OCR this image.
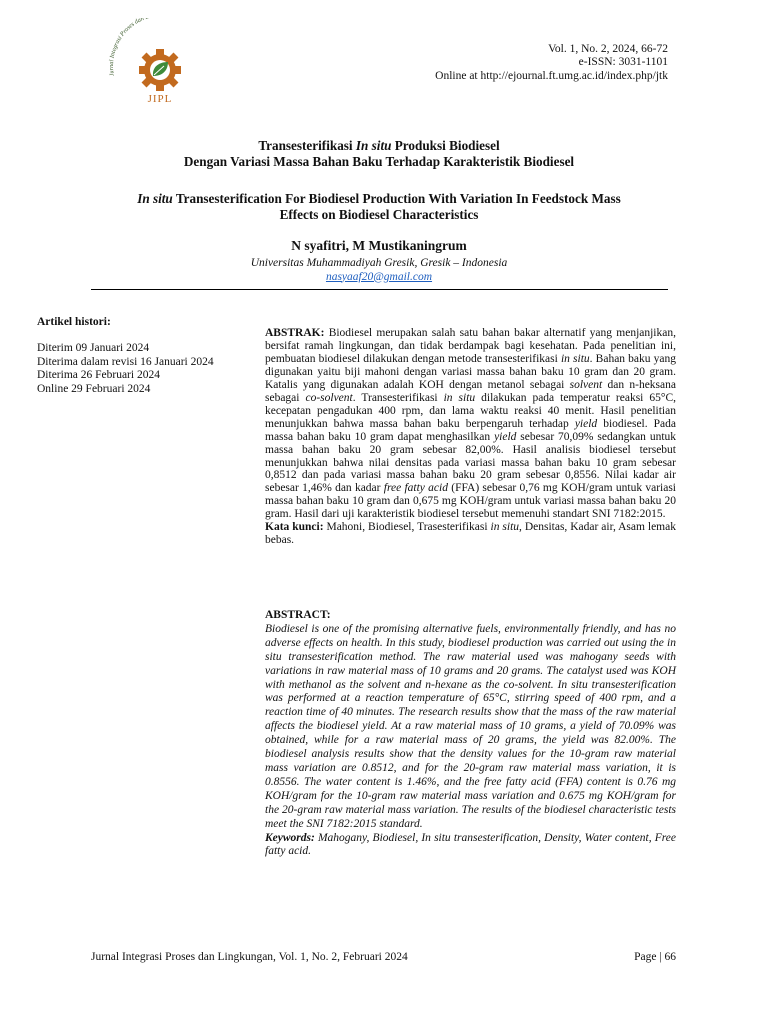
Jurnal Integrasi Proses dan
JIPL
Vol. 1, No. 2, 2024, 66-72
e-ISSN: 3031-1101
Online at http://ejournal.ft.umg.ac.id/index.php/jtk
Transesterifikasi In situ Produksi Biodiesel
Dengan Variasi Massa Bahan Baku Terhadap Karakteristik Biodiesel
In situ Transesterification For Biodiesel Production With Variation In Feedstock Mass
Effects on Biodiesel Characteristics
N syafitri, M Mustikaningrum
Universitas Muhammadiyah Gresik, Gresik – Indonesia
nasyaaf20@gmail.com
Artikel histori:
Diterim 09 Januari 2024
Diterima dalam revisi 16 Januari 2024
Diterima 26 Februari 2024
Online 29 Februari 2024

ABSTRAK: Biodiesel merupakan salah satu bahan bakar alternatif yang menjanjikan, bersifat ramah lingkungan, dan tidak berdampak bagi kesehatan. Pada penelitian ini, pembuatan biodiesel dilakukan dengan metode transesterifikasi in situ. Bahan baku yang digunakan yaitu biji mahoni dengan variasi massa bahan baku 10 gram dan 20 gram. Katalis yang digunakan adalah KOH dengan metanol sebagai solvent dan n-heksana sebagai co-solvent. Transesterifikasi in situ dilakukan pada temperatur reaksi 65°C, kecepatan pengadukan 400 rpm, dan lama waktu reaksi 40 menit. Hasil penelitian menunjukkan bahwa massa bahan baku berpengaruh terhadap yield biodiesel. Pada massa bahan baku 10 gram dapat menghasilkan yield sebesar 70,09% sedangkan untuk massa bahan baku 20 gram sebesar 82,00%. Hasil analisis biodiesel tersebut menunjukkan bahwa nilai densitas pada variasi massa bahan baku 10 gram sebesar 0,8512 dan pada variasi massa bahan baku 20 gram sebesar 0,8556. Nilai kadar air sebesar 1,46% dan kadar free fatty acid (FFA) sebesar 0,76 mg KOH/gram untuk variasi massa bahan baku 10 gram dan 0,675 mg KOH/gram untuk variasi massa bahan baku 20 gram. Hasil dari uji karakteristik biodiesel tersebut memenuhi standart SNI 7182:2015.

Kata kunci: Mahoni, Biodiesel, Trasesterifikasi in situ, Densitas, Kadar air, Asam lemak bebas.

ABSTRACT:

Biodiesel is one of the promising alternative fuels, environmentally friendly, and has no adverse effects on health. In this study, biodiesel production was carried out using the in situ transesterification method. The raw material used was mahogany seeds with variations in raw material mass of 10 grams and 20 grams. The catalyst used was KOH with methanol as the solvent and n-hexane as the co-solvent. In situ transesterification was performed at a reaction temperature of 65°C, stirring speed of 400 rpm, and a reaction time of 40 minutes. The research results show that the mass of the raw material affects the biodiesel yield. At a raw material mass of 10 grams, a yield of 70.09% was obtained, while for a raw material mass of 20 grams, the yield was 82.00%. The biodiesel analysis results show that the density values for the 10-gram raw material mass variation are 0.8512, and for the 20-gram raw material mass variation, it is 0.8556. The water content is 1.46%, and the free fatty acid (FFA) content is 0.76 mg KOH/gram for the 10-gram raw material mass variation and 0.675 mg KOH/gram for the 20-gram raw material mass variation. The results of the biodiesel characteristic tests meet the SNI 7182:2015 standard.

Keywords: Mahogany, Biodiesel, In situ transesterification, Density, Water content, Free fatty acid.

Jurnal Integrasi Proses dan Lingkungan, Vol. 1, No. 2, Februari 2024	Page | 66
